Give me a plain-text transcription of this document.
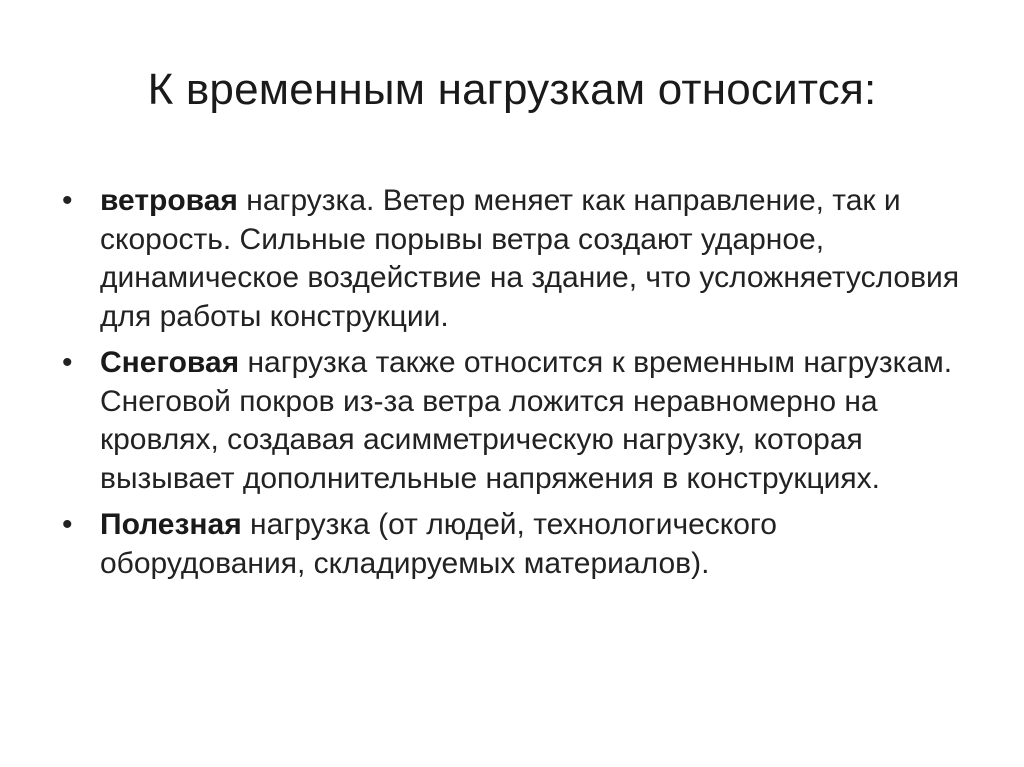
К временным нагрузкам относится:
• ветровая нагрузка. Ветер меняет как направление, так и скорость. Сильные порывы ветра создают ударное, динамическое воздействие на здание, что усложняетусловия для работы конструкции.
• Снеговая нагрузка также относится к временным нагрузкам. Снеговой покров из-за ветра ложится неравномерно на кровлях, создавая асимметрическую нагрузку, которая вызывает дополнительные напряжения в конструкциях.
• Полезная нагрузка (от людей, технологического оборудования, складируемых материалов).
